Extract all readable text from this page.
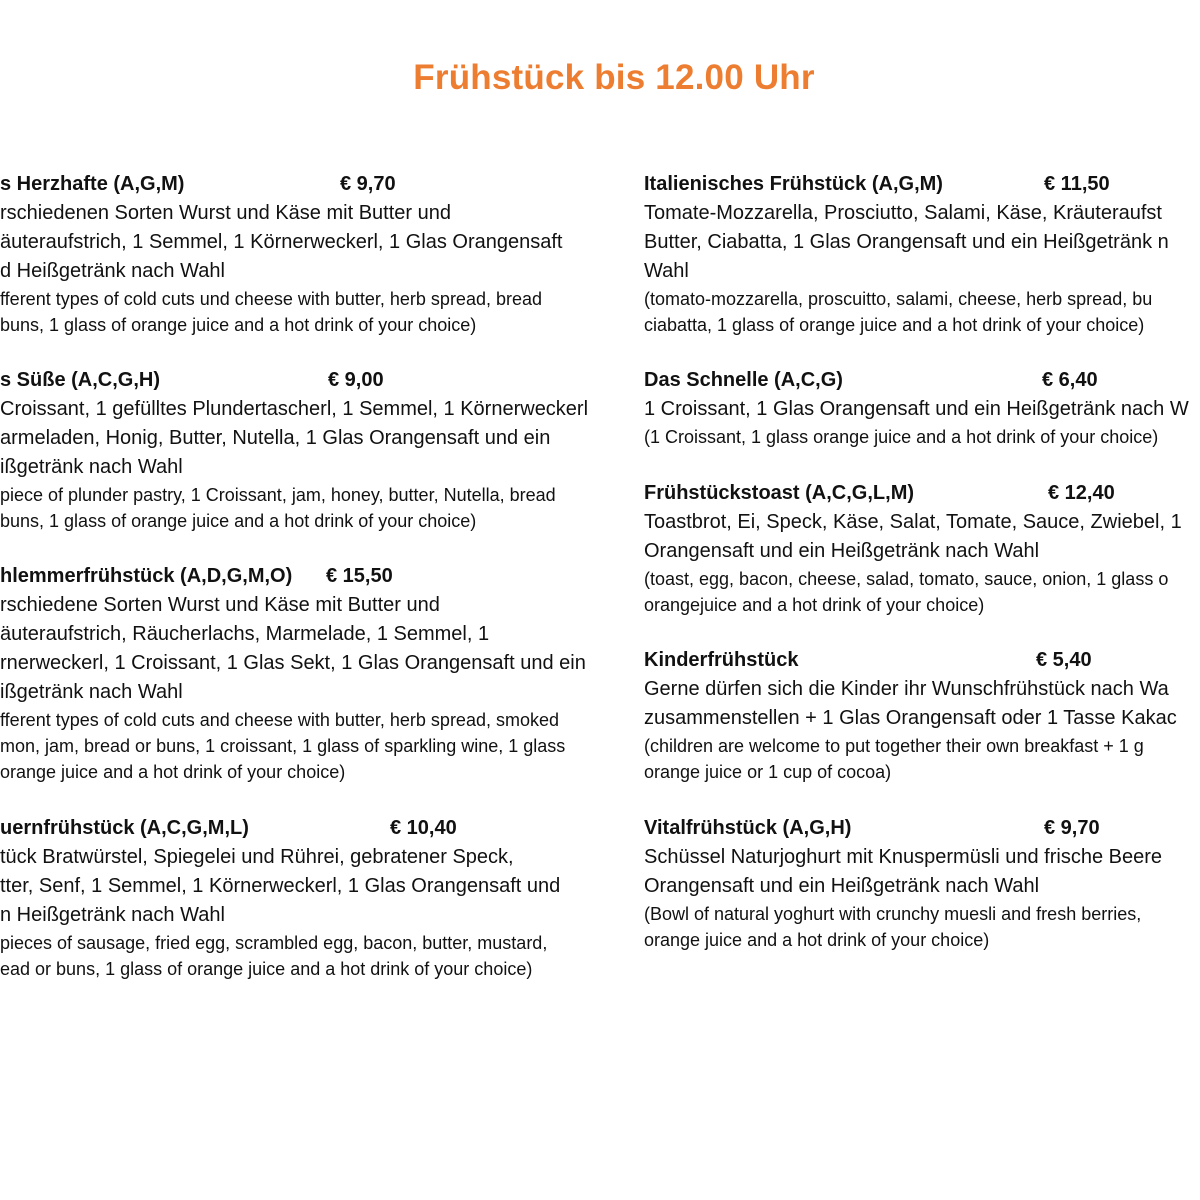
Frühstück bis 12.00 Uhr
s Herzhafte (A,G,M)	€ 9,70
rschiedenen Sorten Wurst und Käse mit Butter und
äuteraufstrich, 1 Semmel, 1 Körnerweckerl, 1 Glas Orangensaft
d Heißgetränk nach Wahl
fferent types of cold cuts und cheese with butter, herb spread, bread
buns, 1 glass of orange juice and a hot drink of your choice)
s Süße (A,C,G,H)	€ 9,00
Croissant, 1 gefülltes Plundertascherl, 1 Semmel, 1 Körnerweckerl
armeladen, Honig, Butter, Nutella, 1 Glas Orangensaft und ein
ißgetränk nach Wahl
piece of plunder pastry, 1 Croissant, jam, honey, butter, Nutella, bread
buns, 1 glass of orange juice and a hot drink of your choice)
hlemmerfrühstück (A,D,G,M,O) € 15,50
rschiedene Sorten Wurst und Käse mit Butter und
äuteraufstrich, Räucherlachs, Marmelade, 1 Semmel, 1
rnerweckerl, 1 Croissant, 1 Glas Sekt, 1 Glas Orangensaft und ein
ißgetränk nach Wahl
fferent types of cold cuts and cheese with butter, herb spread, smoked
mon, jam, bread or buns, 1 croissant, 1 glass of sparkling wine, 1 glass
orange juice and a hot drink of your choice)
uernfrühstück (A,C,G,M,L)	€ 10,40
tück Bratwürstel, Spiegelei und Rührei, gebratener Speck,
tter, Senf, 1 Semmel, 1 Körnerweckerl, 1 Glas Orangensaft und
n Heißgetränk nach Wahl
pieces of sausage, fried egg, scrambled egg, bacon, butter, mustard,
ead or buns, 1 glass of orange juice and a hot drink of your choice)
Italienisches Frühstück (A,G,M)	€ 11,50
Tomate-Mozzarella, Prosciutto, Salami, Käse, Kräuteraufst
Butter, Ciabatta, 1 Glas Orangensaft und ein Heißgetränk n
Wahl
(tomato-mozzarella, proscuitto, salami, cheese, herb spread, bu
ciabatta, 1 glass of orange juice and a hot drink of your choice)
Das Schnelle (A,C,G)	€ 6,40
1 Croissant, 1 Glas Orangensaft und ein Heißgetränk nach W
(1 Croissant, 1 glass orange juice and a hot drink of your choice)
Frühstückstoast (A,C,G,L,M)	€ 12,40
Toastbrot, Ei, Speck, Käse, Salat, Tomate, Sauce, Zwiebel, 1
Orangensaft und ein Heißgetränk nach Wahl
(toast, egg, bacon, cheese, salad, tomato, sauce, onion, 1 glass o
orangejuice and a hot drink of your choice)
Kinderfrühstück	€ 5,40
Gerne dürfen sich die Kinder ihr Wunschfrühstück nach Wa
zusammenstellen + 1 Glas Orangensaft oder 1 Tasse Kakac
(children are welcome to put together their own breakfast + 1 g
orange juice or 1 cup of cocoa)
Vitalfrühstück (A,G,H)	€ 9,70
Schüssel Naturjoghurt mit Knuspermüsli und frische Beere
Orangensaft und ein Heißgetränk nach Wahl
(Bowl of natural yoghurt with crunchy muesli and fresh berries,
orange juice and a hot drink of your choice)
